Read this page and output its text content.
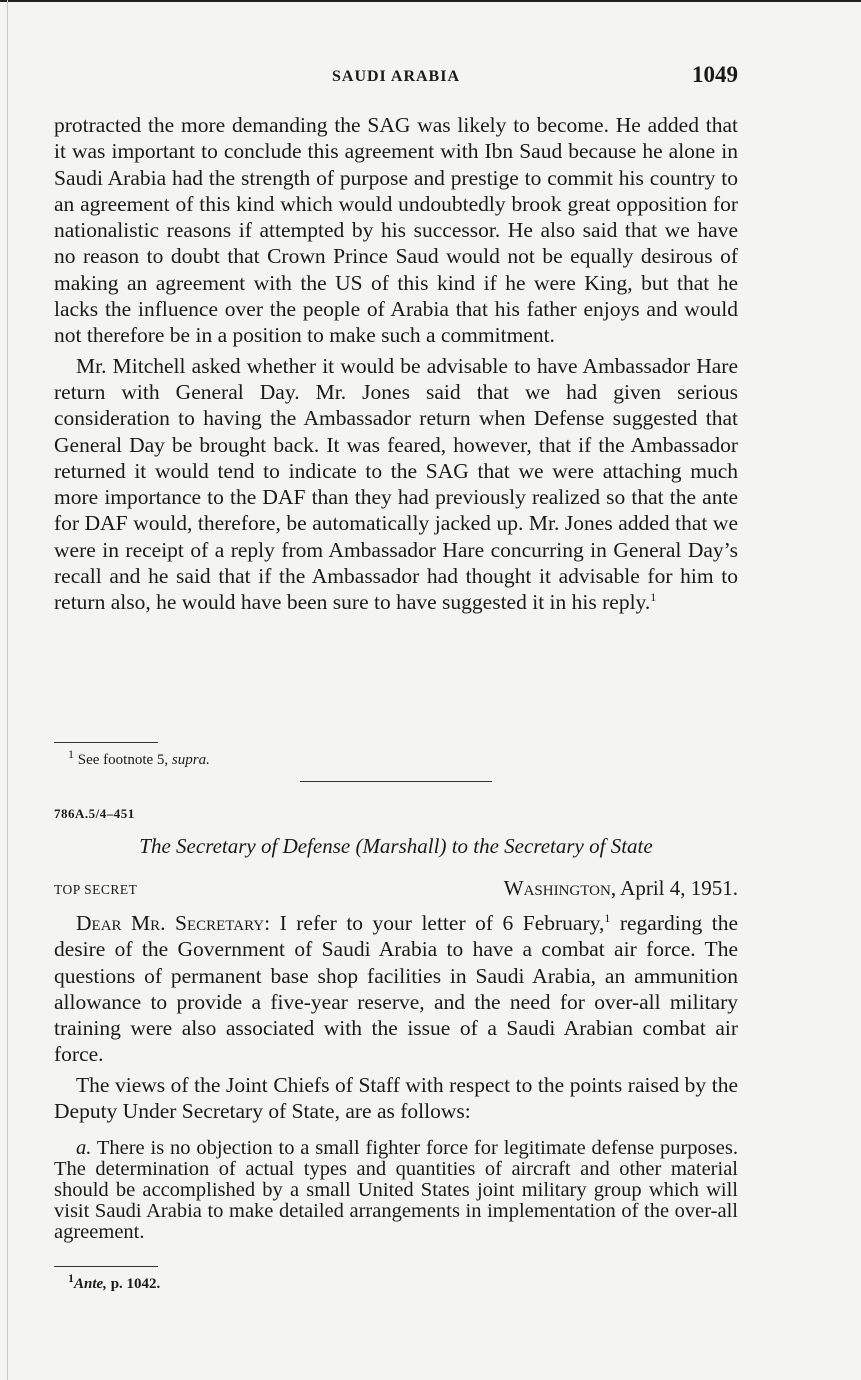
SAUDI ARABIA	1049

protracted the more demanding the SAG was likely to become. He added that it was important to conclude this agreement with Ibn Saud because he alone in Saudi Arabia had the strength of purpose and prestige to commit his country to an agreement of this kind which would undoubtedly brook great opposition for nationalistic reasons if attempted by his successor. He also said that we have no reason to doubt that Crown Prince Saud would not be equally desirous of making an agreement with the US of this kind if he were King, but that he lacks the influence over the people of Arabia that his father enjoys and would not therefore be in a position to make such a commitment.

Mr. Mitchell asked whether it would be advisable to have Ambassador Hare return with General Day. Mr. Jones said that we had given serious consideration to having the Ambassador return when Defense suggested that General Day be brought back. It was feared, however, that if the Ambassador returned it would tend to indicate to the SAG that we were attaching much more importance to the DAF than they had previously realized so that the ante for DAF would, therefore, be automatically jacked up. Mr. Jones added that we were in receipt of a reply from Ambassador Hare concurring in General Day’s recall and he said that if the Ambassador had thought it advisable for him to return also, he would have been sure to have suggested it in his reply.$^1$

$^1$ See footnote 5, supra.
786A.5/4–451
The Secretary of Defense (Marshall) to the Secretary of State
TOP SECRET	Washington, April 4, 1951.

Dear Mr. Secretary: I refer to your letter of 6 February,$^1$ regarding the desire of the Government of Saudi Arabia to have a combat air force. The questions of permanent base shop facilities in Saudi Arabia, an ammunition allowance to provide a five-year reserve, and the need for over-all military training were also associated with the issue of a Saudi Arabian combat air force.

The views of the Joint Chiefs of Staff with respect to the points raised by the Deputy Under Secretary of State, are as follows:

a. There is no objection to a small fighter force for legitimate defense purposes. The determination of actual types and quantities of aircraft and other material should be accomplished by a small United States joint military group which will visit Saudi Arabia to make detailed arrangements in implementation of the over-all agreement.
$^1$Ante, p. 1042.
